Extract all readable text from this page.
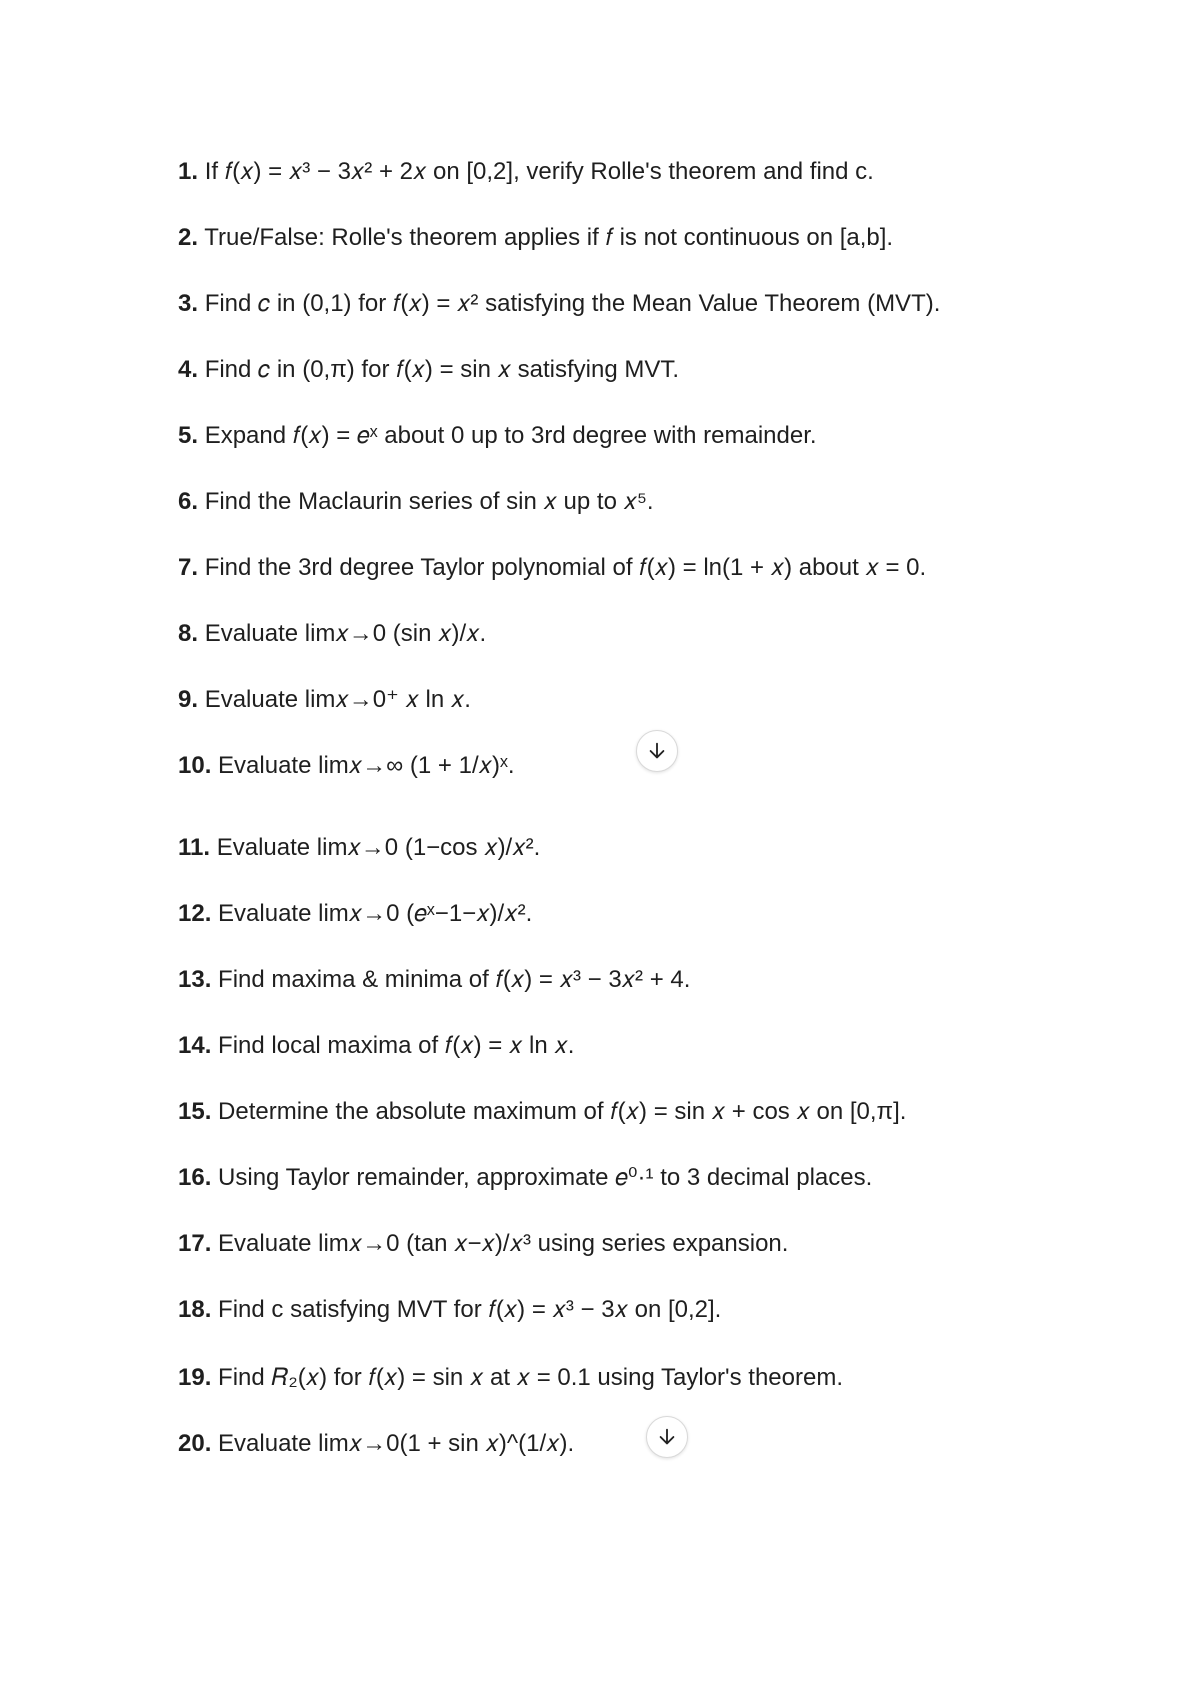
1. If 𝑓(𝑥) = 𝑥³ − 3𝑥² + 2𝑥 on [0,2], verify Rolle's theorem and find c.
2. True/False: Rolle's theorem applies if 𝑓 is not continuous on [a,b].
3. Find 𝑐 in (0,1) for 𝑓(𝑥) = 𝑥² satisfying the Mean Value Theorem (MVT).
4. Find 𝑐 in (0,π) for 𝑓(𝑥) = sin 𝑥 satisfying MVT.
5. Expand 𝑓(𝑥) = 𝑒ˣ about 0 up to 3rd degree with remainder.
6. Find the Maclaurin series of sin 𝑥 up to 𝑥⁵.
7. Find the 3rd degree Taylor polynomial of 𝑓(𝑥) = ln(1 + 𝑥) about 𝑥 = 0.
8. Evaluate lim𝑥→0 (sin 𝑥)/𝑥.
9. Evaluate lim𝑥→0⁺ 𝑥 ln 𝑥.
10. Evaluate lim𝑥→∞ (1 + 1/𝑥)ˣ.
11. Evaluate lim𝑥→0 (1−cos 𝑥)/𝑥².
12. Evaluate lim𝑥→0 (𝑒ˣ−1−𝑥)/𝑥².
13. Find maxima & minima of 𝑓(𝑥) = 𝑥³ − 3𝑥² + 4.
14. Find local maxima of 𝑓(𝑥) = 𝑥 ln 𝑥.
15. Determine the absolute maximum of 𝑓(𝑥) = sin 𝑥 + cos 𝑥 on [0,π].
16. Using Taylor remainder, approximate 𝑒⁰·¹ to 3 decimal places.
17. Evaluate lim𝑥→0 (tan 𝑥−𝑥)/𝑥³ using series expansion.
18. Find c satisfying MVT for 𝑓(𝑥) = 𝑥³ − 3𝑥 on [0,2].
19. Find 𝑅₂(𝑥) for 𝑓(𝑥) = sin 𝑥 at 𝑥 = 0.1 using Taylor's theorem.
20. Evaluate lim𝑥→0(1 + sin 𝑥)^(1/𝑥).
